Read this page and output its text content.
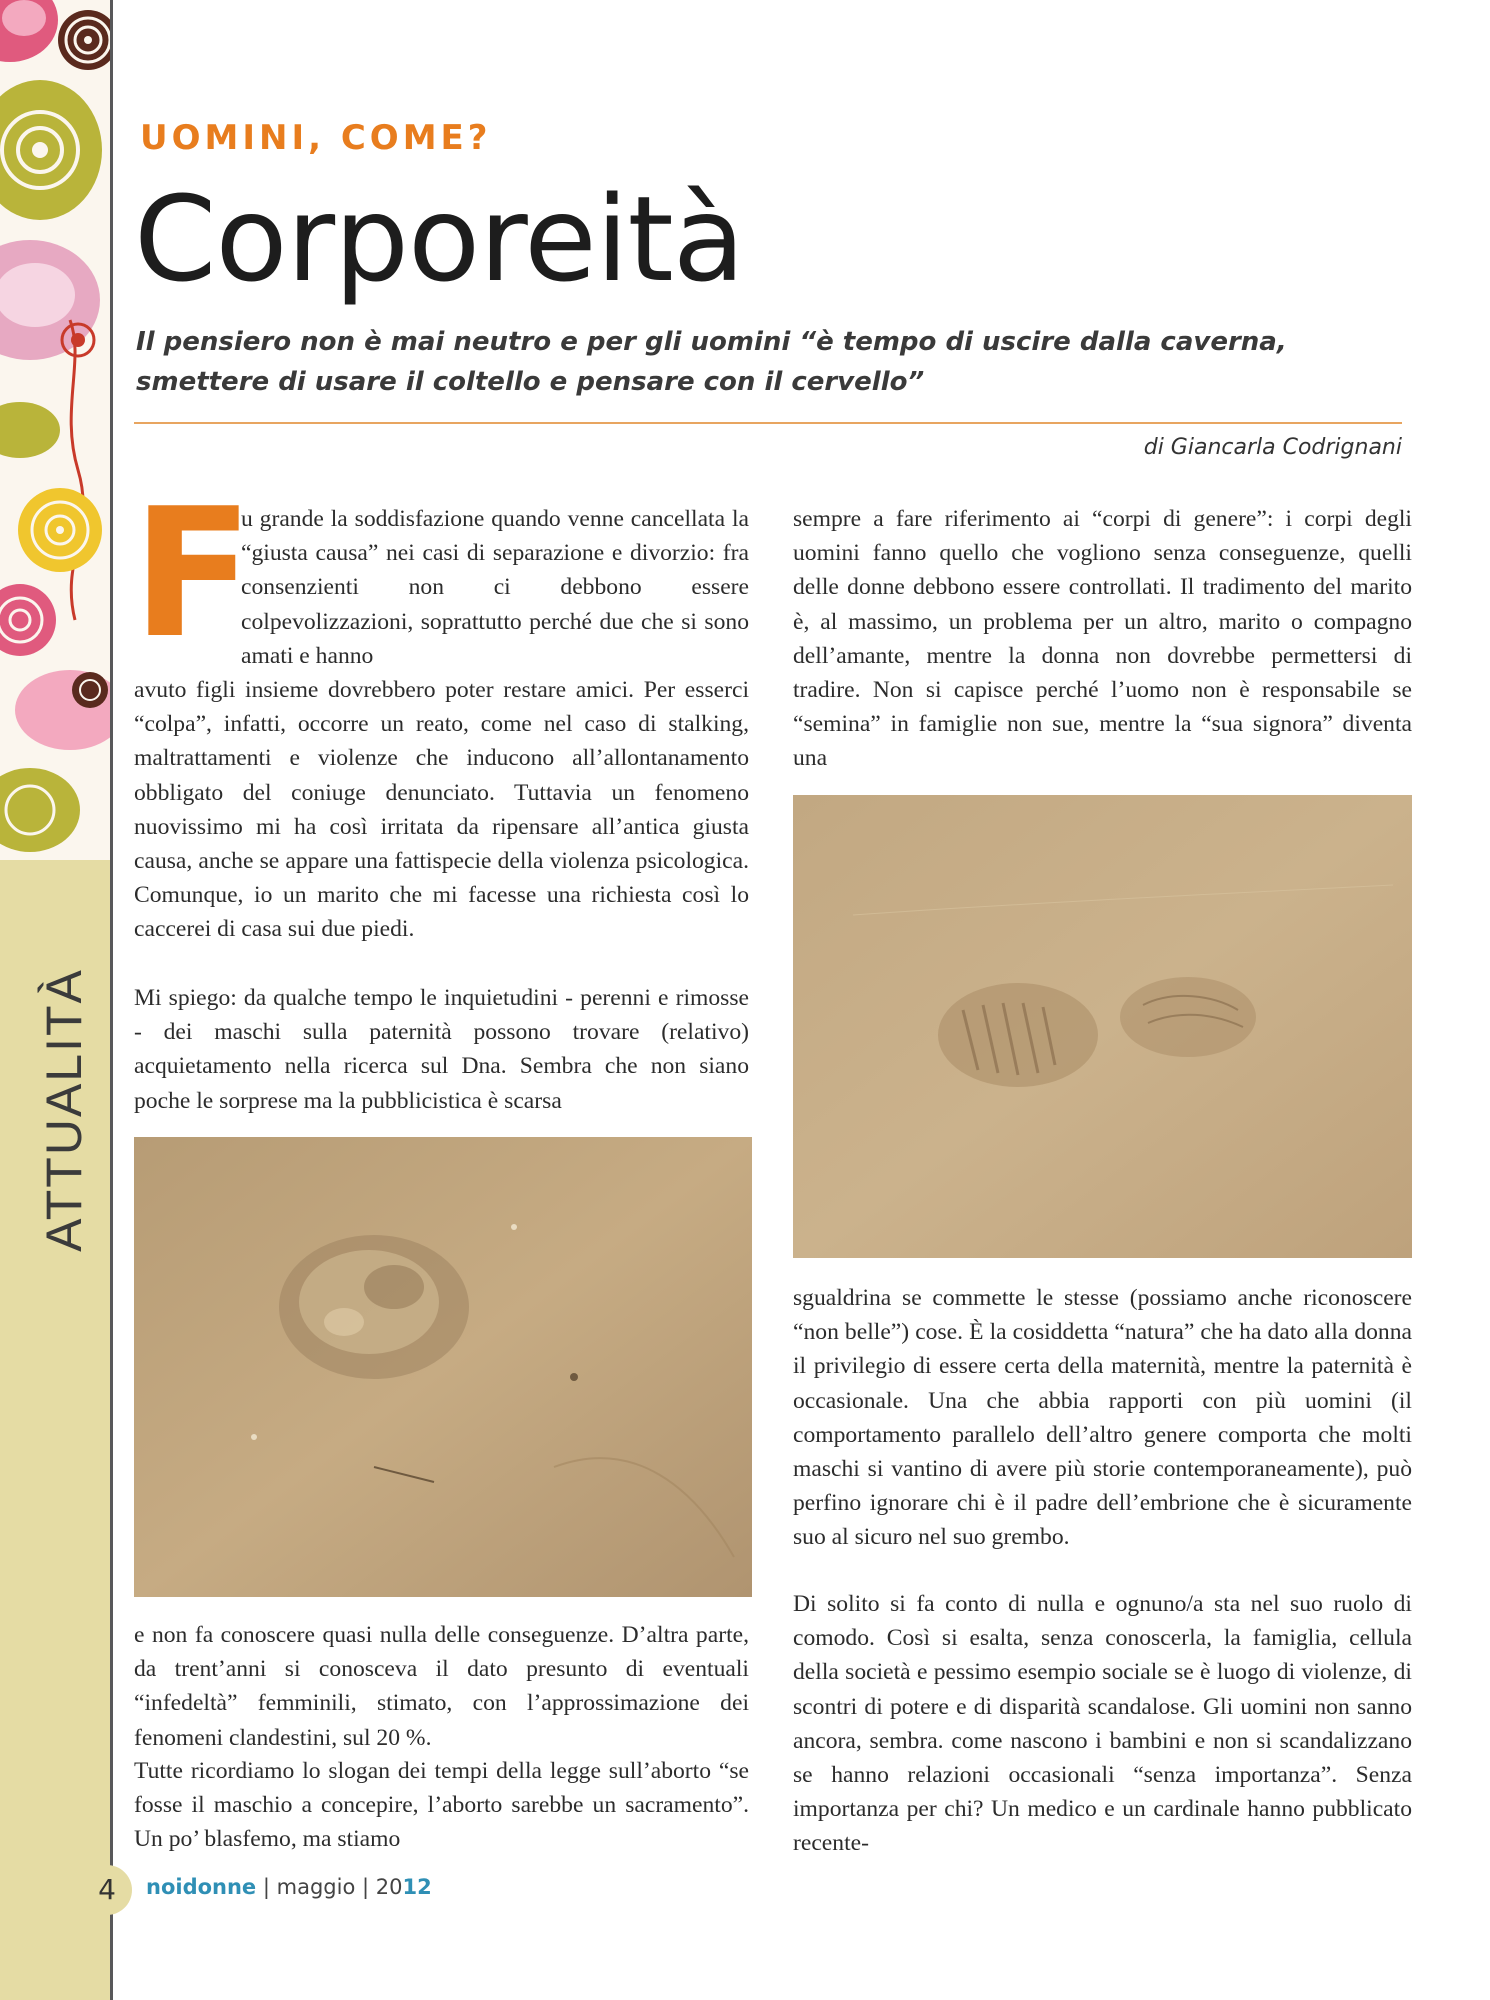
ATTUALITÀ
UOMINI, COME?
Corporeità
Il pensiero non è mai neutro e per gli uomini “è tempo di uscire dalla caverna, smettere di usare il coltello e pensare con il cervello”
di Giancarla Codrignani
F

u grande la soddisfazione quando venne cancellata la “giusta causa” nei casi di separazione e divorzio: fra consenzienti non ci debbono essere colpevolizzazioni, soprattutto perché due che si sono amati e hanno

avuto figli insieme dovrebbero poter restare amici. Per esserci “colpa”, infatti, occorre un reato, come nel caso di stalking, maltrattamenti e violenze che inducono all’allontanamento obbligato del coniuge denunciato. Tuttavia un fenomeno nuovissimo mi ha così irritata da ripensare all’antica giusta causa, anche se appare una fattispecie della violenza psicologica. Comunque, io un marito che mi facesse una richiesta così lo caccerei di casa sui due piedi.

Mi spiego: da qualche tempo le inquietudini - perenni e rimosse - dei maschi sulla paternità possono trovare (relativo) acquietamento nella ricerca sul Dna. Sembra che non siano poche le sorprese ma la pubblicistica è scarsa

e non fa conoscere quasi nulla delle conseguenze. D’altra parte, da trent’anni si conosceva il dato presunto di eventuali “infedeltà” femminili, stimato, con l’approssimazione dei fenomeni clandestini, sul 20 %.

Tutte ricordiamo lo slogan dei tempi della legge sull’aborto “se fosse il maschio a concepire, l’aborto sarebbe un sacramento”. Un po’ blasfemo, ma stiamo

sempre a fare riferimento ai “corpi di genere”: i corpi degli uomini fanno quello che vogliono senza conseguenze, quelli delle donne debbono essere controllati. Il tradimento del marito è, al massimo, un problema per un altro, marito o compagno dell’amante, mentre la donna non dovrebbe permettersi di tradire. Non si capisce perché l’uomo non è responsabile se “semina” in famiglie non sue, mentre la “sua signora” diventa una

sgualdrina se commette le stesse (possiamo anche riconoscere “non belle”) cose. È la cosiddetta “natura” che ha dato alla donna il privilegio di essere certa della maternità, mentre la paternità è occasionale. Una che abbia rapporti con più uomini (il comportamento parallelo dell’altro genere comporta che molti maschi si vantino di avere più storie contemporaneamente), può perfino ignorare chi è il padre dell’embrione che è sicuramente suo al sicuro nel suo grembo.

Di solito si fa conto di nulla e ognuno/a sta nel suo ruolo di comodo. Così si esalta, senza conoscerla, la famiglia, cellula della società e pessimo esempio sociale se è luogo di violenze, di scontri di potere e di disparità scandalose. Gli uomini non sanno ancora, sembra. come nascono i bambini e non si scandalizzano se hanno relazioni occasionali “senza importanza”. Senza importanza per chi? Un medico e un cardinale hanno pubblicato recente-

4	noidonne | maggio | 2012
